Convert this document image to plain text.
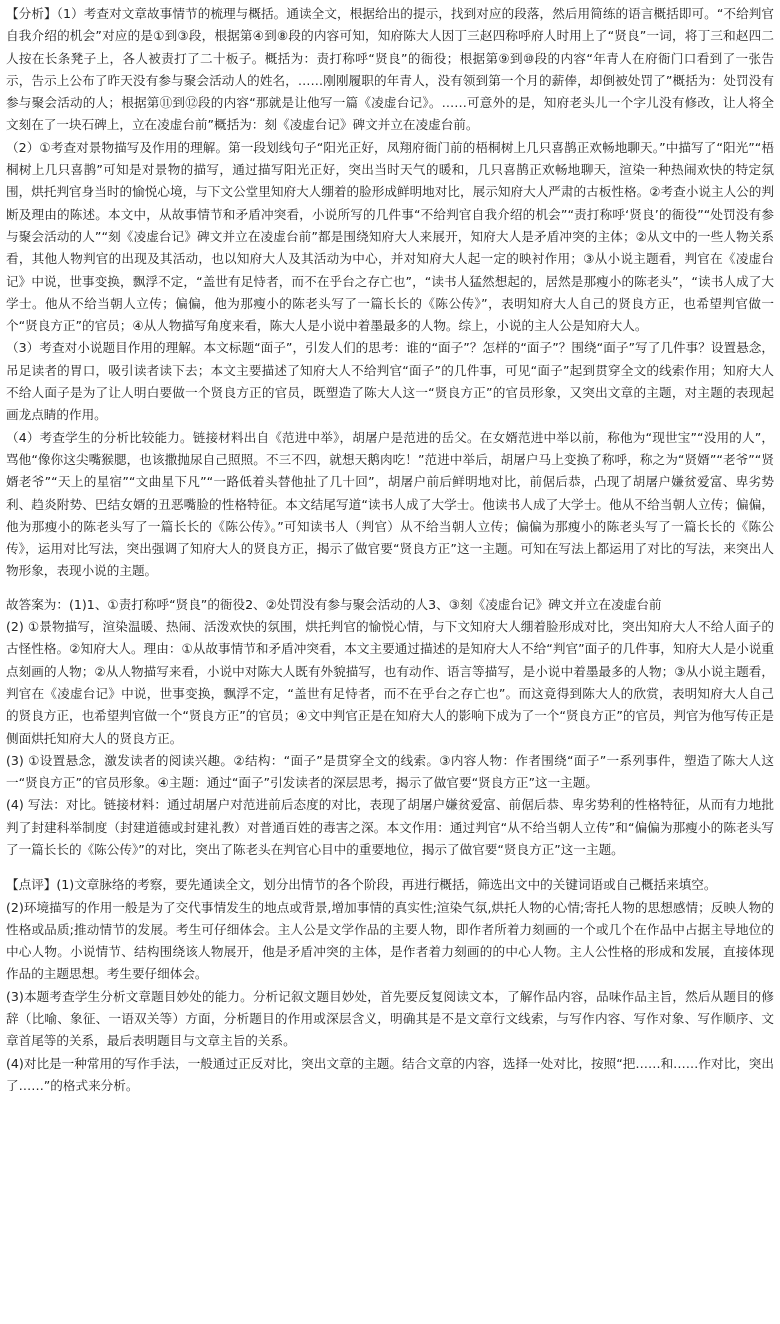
【分析】（1）考查对文章故事情节的梳理与概括。通读全文，根据给出的提示，找到对应的段落，然后用简练的语言概括即可。“不给判官自我介绍的机会”对应的是①到③段，根据第④到⑧段的内容可知，知府陈大人因丁三赵四称呼府人时用上了“贤良”一词，将丁三和赵四二人按在长条凳子上，各人被责打了二十板子。概括为：责打称呼“贤良”的衙役；根据第⑨到⑩段的内容“年青人在府衙门口看到了一张告示，告示上公布了昨天没有参与聚会活动人的姓名，……刚刚履职的年青人，没有领到第一个月的薪俸，却倒被处罚了”概括为：处罚没有参与聚会活动的人；根据第⑪到⑫段的内容“那就是让他写一篇《凌虚台记》。……可意外的是，知府老头儿一个字儿没有修改，让人将全文刻在了一块石碑上，立在凌虚台前”概括为：刻《凌虚台记》碑文并立在凌虚台前。

（2）①考查对景物描写及作用的理解。第一段划线句子“阳光正好，凤翔府衙门前的梧桐树上几只喜鹊正欢畅地聊天。”中描写了“阳光”“梧桐树上几只喜鹊”可知是对景物的描写，通过描写阳光正好，突出当时天气的暖和，几只喜鹊正欢畅地聊天，渲染一种热闹欢快的特定氛围，烘托判官身当时的愉悦心境，与下文公堂里知府大人绷着的脸形成鲜明地对比，展示知府大人严肃的古板性格。②考查小说主人公的判断及理由的陈述。本文中，从故事情节和矛盾冲突看，小说所写的几件事“不给判官自我介绍的机会”“责打称呼‘贤良’的衙役”“处罚没有参与聚会活动的人”“刻《凌虚台记》碑文并立在凌虚台前”都是围绕知府大人来展开，知府大人是矛盾冲突的主体；②从文中的一些人物关系看，其他人物判官的出现及其活动，也以知府大人及其活动为中心，并对知府大人起一定的映衬作用；③从小说主题看，判官在《凌虚台记》中说，世事变换，飘浮不定，“盖世有足恃者，而不在乎台之存亡也”，“读书人猛然想起的，居然是那瘦小的陈老头”，“读书人成了大学士。他从不给当朝人立传；偏偏，他为那瘦小的陈老头写了一篇长长的《陈公传》”，表明知府大人自己的贤良方正，也希望判官做一个“贤良方正”的官员；④从人物描写角度来看，陈大人是小说中着墨最多的人物。综上，小说的主人公是知府大人。

（3）考查对小说题目作用的理解。本文标题“面子”，引发人们的思考：谁的“面子”？怎样的“面子”？围绕“面子”写了几件事？设置悬念，吊足读者的胃口，吸引读者读下去；本文主要描述了知府大人不给判官“面子”的几件事，可见“面子”起到贯穿全文的线索作用；知府大人不给人面子是为了让人明白要做一个贤良方正的官员，既塑造了陈大人这一“贤良方正”的官员形象，又突出文章的主题，对主题的表现起画龙点睛的作用。

（4）考查学生的分析比较能力。链接材料出自《范进中举》，胡屠户是范进的岳父。在女婿范进中举以前，称他为“现世宝”“没用的人”，骂他“像你这尖嘴猴腮，也该撒抛尿自己照照。不三不四，就想天鹅肉吃！”范进中举后，胡屠户马上变换了称呼，称之为“贤婿”“老爷”“贤婿老爷”“天上的星宿”“文曲星下凡”“一路低着头替他扯了几十回”，胡屠户前后鲜明地对比，前倨后恭，凸现了胡屠户嫌贫爱富、卑劣势利、趋炎附势、巴结女婿的丑恶嘴脸的性格特征。本文结尾写道“读书人成了大学士。他读书人成了大学士。他从不给当朝人立传；偏偏，他为那瘦小的陈老头写了一篇长长的《陈公传》。”可知读书人（判官）从不给当朝人立传；偏偏为那瘦小的陈老头写了一篇长长的《陈公传》，运用对比写法，突出强调了知府大人的贤良方正，揭示了做官要“贤良方正”这一主题。可知在写法上都运用了对比的写法，来突出人物形象，表现小说的主题。

故答案为：(1)1、①责打称呼“贤良”的衙役2、②处罚没有参与聚会活动的人3、③刻《凌虚台记》碑文并立在凌虚台前

(2) ①景物描写，渲染温暖、热闹、活泼欢快的氛围，烘托判官的愉悦心情，与下文知府大人绷着脸形成对比，突出知府大人不给人面子的古怪性格。②知府大人。理由：①从故事情节和矛盾冲突看，本文主要通过描述的是知府大人不给“判官”面子的几件事，知府大人是小说重点刻画的人物；②从人物描写来看，小说中对陈大人既有外貌描写，也有动作、语言等描写，是小说中着墨最多的人物；③从小说主题看，判官在《凌虚台记》中说，世事变换，飘浮不定，“盖世有足恃者，而不在乎台之存亡也”。而这竟得到陈大人的欣赏，表明知府大人自己的贤良方正，也希望判官做一个“贤良方正”的官员；④文中判官正是在知府大人的影响下成为了一个“贤良方正”的官员，判官为他写传正是侧面烘托知府大人的贤良方正。

(3) ①设置悬念，激发读者的阅读兴趣。②结构：“面子”是贯穿全文的线索。③内容人物：作者围绕“面子”一系列事件，塑造了陈大人这一“贤良方正”的官员形象。④主题：通过“面子”引发读者的深层思考，揭示了做官要“贤良方正”这一主题。

(4) 写法：对比。链接材料：通过胡屠户对范进前后态度的对比，表现了胡屠户嫌贫爱富、前倨后恭、卑劣势利的性格特征，从而有力地批判了封建科举制度（封建道德或封建礼教）对普通百姓的毒害之深。本文作用：通过判官“从不给当朝人立传”和“偏偏为那瘦小的陈老头写了一篇长长的《陈公传》”的对比，突出了陈老头在判官心目中的重要地位，揭示了做官要“贤良方正”这一主题。

【点评】(1)文章脉络的考察，要先通读全文，划分出情节的各个阶段，再进行概括，筛选出文中的关键词语或自己概括来填空。

(2)环境描写的作用一般是为了交代事情发生的地点或背景,增加事情的真实性;渲染气氛,烘托人物的心情;寄托人物的思想感情；反映人物的性格或品质;推动情节的发展。考生可仔细体会。主人公是文学作品的主要人物，即作者所着力刻画的一个或几个在作品中占据主导地位的中心人物。小说情节、结构围绕该人物展开，他是矛盾冲突的主体，是作者着力刻画的的中心人物。主人公性格的形成和发展，直接体现作品的主题思想。考生要仔细体会。

(3)本题考查学生分析文章题目妙处的能力。分析记叙文题目妙处，首先要反复阅读文本，了解作品内容，品味作品主旨，然后从题目的修辞（比喻、象征、一语双关等）方面，分析题目的作用或深层含义，明确其是不是文章行文线索，与写作内容、写作对象、写作顺序、文章首尾等的关系，最后表明题目与文章主旨的关系。

(4)对比是一种常用的写作手法，一般通过正反对比，突出文章的主题。结合文章的内容，选择一处对比，按照“把……和……作对比，突出了……”的格式来分析。
